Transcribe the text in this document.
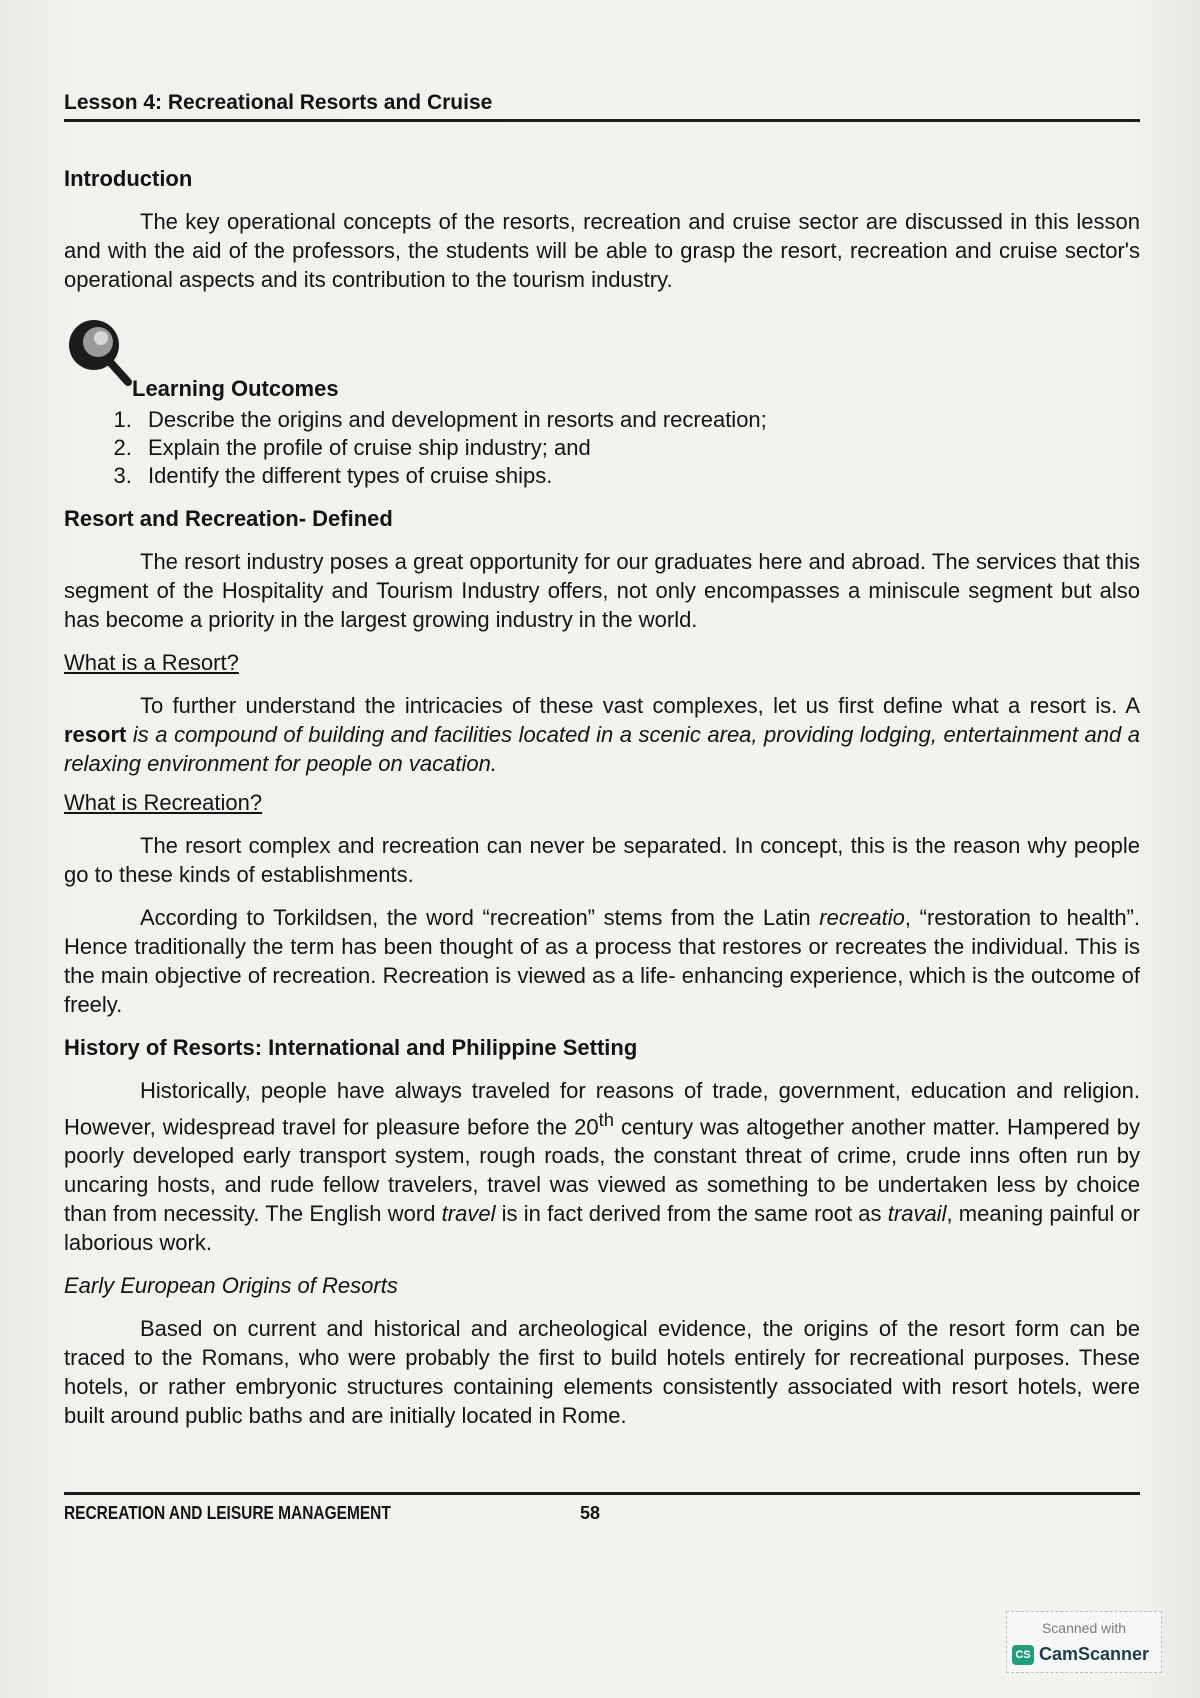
Lesson 4: Recreational Resorts and Cruise
Introduction

The key operational concepts of the resorts, recreation and cruise sector are discussed in this lesson and with the aid of the professors, the students will be able to grasp the resort, recreation and cruise sector's operational aspects and its contribution to the tourism industry.

Learning Outcomes
1. Describe the origins and development in resorts and recreation;
2. Explain the profile of cruise ship industry; and
3. Identify the different types of cruise ships.
Resort and Recreation- Defined

The resort industry poses a great opportunity for our graduates here and abroad. The services that this segment of the Hospitality and Tourism Industry offers, not only encompasses a miniscule segment but also has become a priority in the largest growing industry in the world.

What is a Resort?

To further understand the intricacies of these vast complexes, let us first define what a resort is. A resort is a compound of building and facilities located in a scenic area, providing lodging, entertainment and a relaxing environment for people on vacation.

What is Recreation?

The resort complex and recreation can never be separated. In concept, this is the reason why people go to these kinds of establishments.

According to Torkildsen, the word “recreation” stems from the Latin recreatio, “restoration to health”. Hence traditionally the term has been thought of as a process that restores or recreates the individual. This is the main objective of recreation. Recreation is viewed as a life- enhancing experience, which is the outcome of freely.

History of Resorts: International and Philippine Setting

Historically, people have always traveled for reasons of trade, government, education and religion. However, widespread travel for pleasure before the 20th century was altogether another matter. Hampered by poorly developed early transport system, rough roads, the constant threat of crime, crude inns often run by uncaring hosts, and rude fellow travelers, travel was viewed as something to be undertaken less by choice than from necessity. The English word travel is in fact derived from the same root as travail, meaning painful or laborious work.

Early European Origins of Resorts

Based on current and historical and archeological evidence, the origins of the resort form can be traced to the Romans, who were probably the first to build hotels entirely for recreational purposes. These hotels, or rather embryonic structures containing elements consistently associated with resort hotels, were built around public baths and are initially located in Rome.

RECREATION AND LEISURE MANAGEMENT	58
Scanned with
CS CamScanner
